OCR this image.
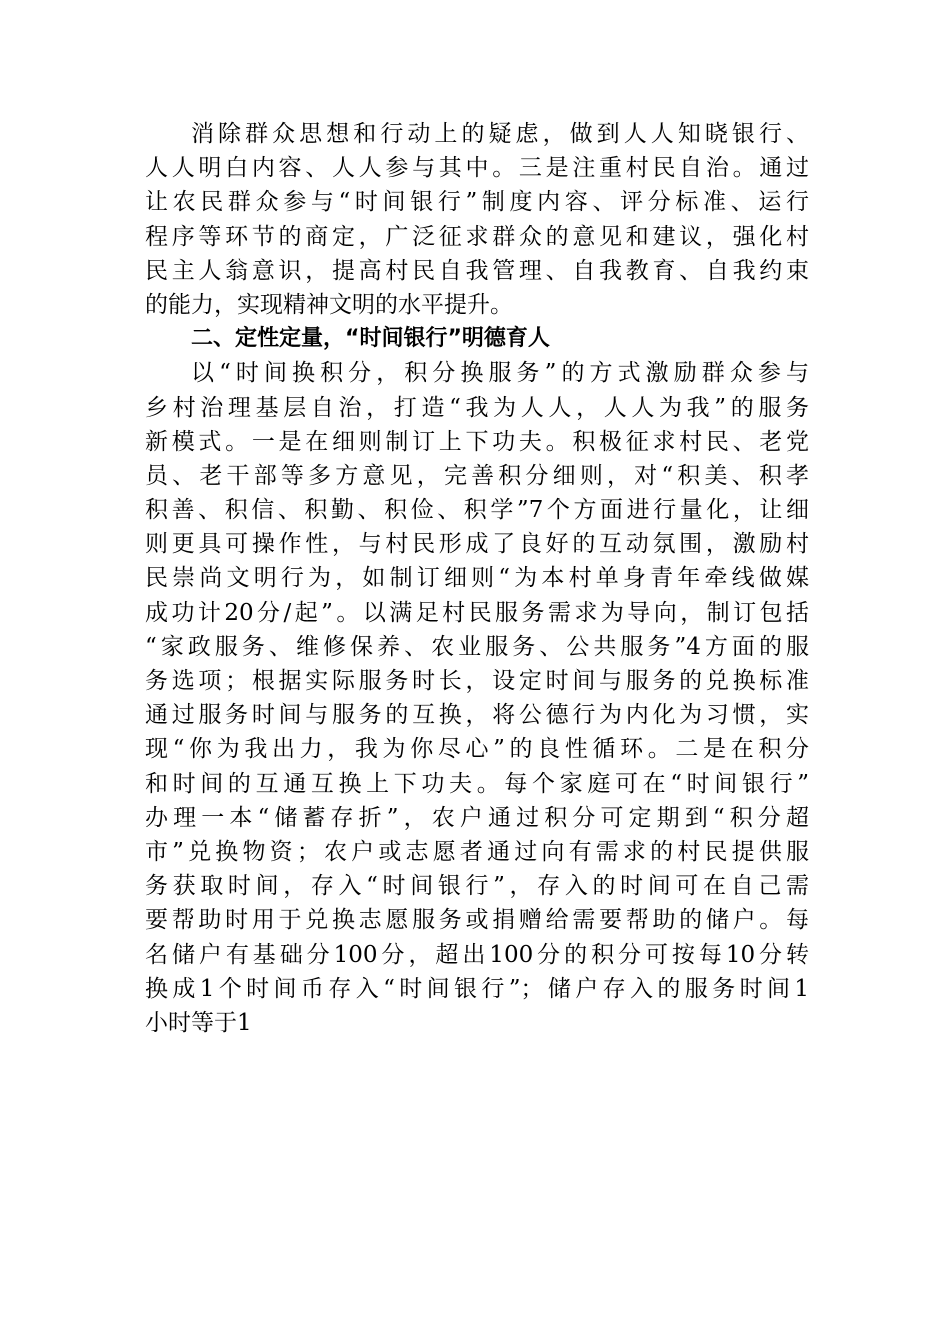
消除群众思想和行动上的疑虑，做到人人知晓银行、
人人明白内容、人人参与其中。三是注重村民自治。通过
让农民群众参与“时间银行”制度内容、评分标准、运行
程序等环节的商定，广泛征求群众的意见和建议，强化村
民主人翁意识，提高村民自我管理、自我教育、自我约束
的能力，实现精神文明的水平提升。
二、定性定量，“时间银行”明德育人
以“时间换积分，积分换服务”的方式激励群众参与
乡村治理基层自治，打造“我为人人，人人为我”的服务
新模式。一是在细则制订上下功夫。积极征求村民、老党
员、老干部等多方意见，完善积分细则，对“积美、积孝
积善、积信、积勤、积俭、积学”7个方面进行量化，让细
则更具可操作性，与村民形成了良好的互动氛围，激励村
民崇尚文明行为，如制订细则“为本村单身青年牵线做媒
成功计20分/起”。以满足村民服务需求为导向，制订包括
“家政服务、维修保养、农业服务、公共服务”4方面的服
务选项；根据实际服务时长，设定时间与服务的兑换标准
通过服务时间与服务的互换，将公德行为内化为习惯，实
现“你为我出力，我为你尽心”的良性循环。二是在积分
和时间的互通互换上下功夫。每个家庭可在“时间银行”
办理一本“储蓄存折”，农户通过积分可定期到“积分超
市”兑换物资；农户或志愿者通过向有需求的村民提供服
务获取时间，存入“时间银行”，存入的时间可在自己需
要帮助时用于兑换志愿服务或捐赠给需要帮助的储户。每
名储户有基础分100分，超出100分的积分可按每10分转
换成1个时间币存入“时间银行”；储户存入的服务时间1
小时等于1
